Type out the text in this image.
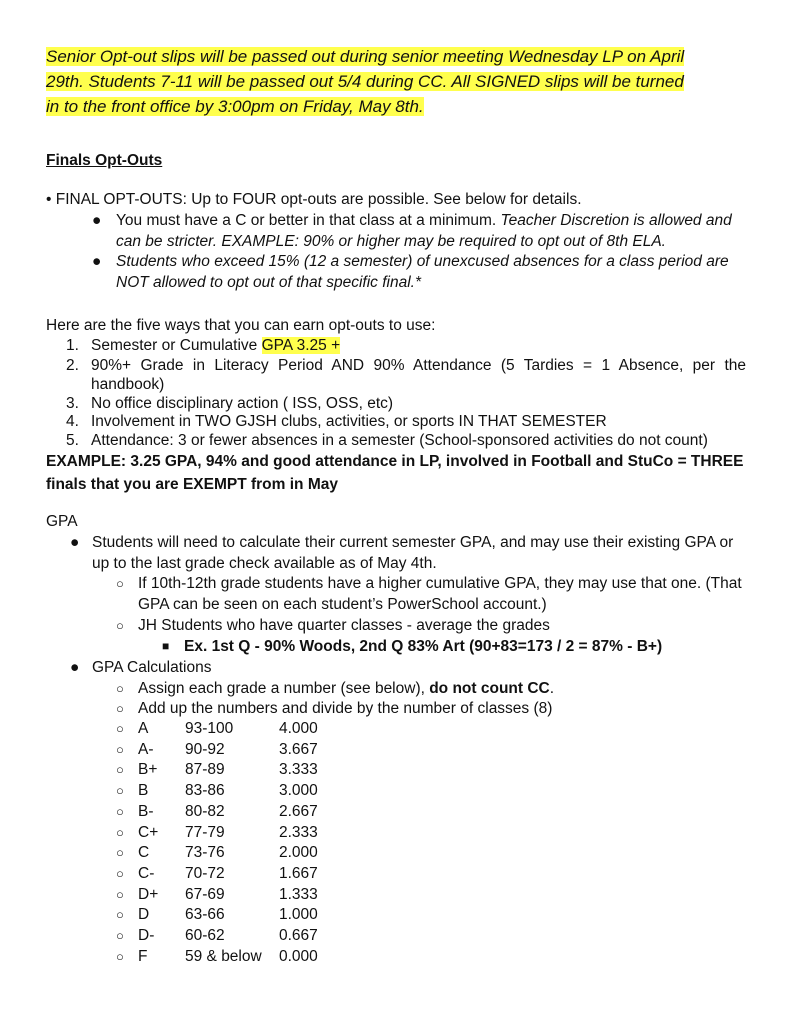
Senior Opt-out slips will be passed out during senior meeting Wednesday LP on April
29th. Students 7-11 will be passed out 5/4 during CC. All SIGNED slips will be turned
in to the front office by 3:00pm on Friday, May 8th.

Finals Opt-Outs
• FINAL OPT-OUTS: Up to FOUR opt-outs are possible. See below for details.
● You must have a C or better in that class at a minimum. Teacher Discretion is allowed and can be stricter. EXAMPLE: 90% or higher may be required to opt out of 8th ELA.
● Students who exceed 15% (12 a semester) of unexcused absences for a class period are NOT allowed to opt out of that specific final.*
Here are the five ways that you can earn opt-outs to use:
1. Semester or Cumulative GPA 3.25 +
2. 90%+ Grade in Literacy Period AND 90% Attendance (5 Tardies = 1 Absence, per the handbook)
3. No office disciplinary action ( ISS, OSS, etc)
4. Involvement in TWO GJSH clubs, activities, or sports IN THAT SEMESTER
5. Attendance: 3 or fewer absences in a semester (School-sponsored activities do not count)
EXAMPLE: 3.25 GPA, 94% and good attendance in LP, involved in Football and StuCo = THREE finals that you are EXEMPT from in May
GPA
● Students will need to calculate their current semester GPA, and may use their existing GPA or up to the last grade check available as of May 4th.
○ If 10th-12th grade students have a higher cumulative GPA, they may use that one. (That GPA can be seen on each student’s PowerSchool account.)
○ JH Students who have quarter classes - average the grades
■ Ex. 1st Q - 90% Woods, 2nd Q 83% Art (90+83=173 / 2 = 87% - B+)
● GPA Calculations
○ Assign each grade a number (see below), do not count CC.
○ Add up the numbers and divide by the number of classes (8)
○ A	93-100	4.000
○ A-	90-92	3.667
○ B+	87-89	3.333
○ B	83-86	3.000
○ B-	80-82	2.667
○ C+	77-79	2.333
○ C	73-76	2.000
○ C-	70-72	1.667
○ D+	67-69	1.333
○ D	63-66	1.000
○ D-	60-62	0.667
○ F	59 & below	0.000
